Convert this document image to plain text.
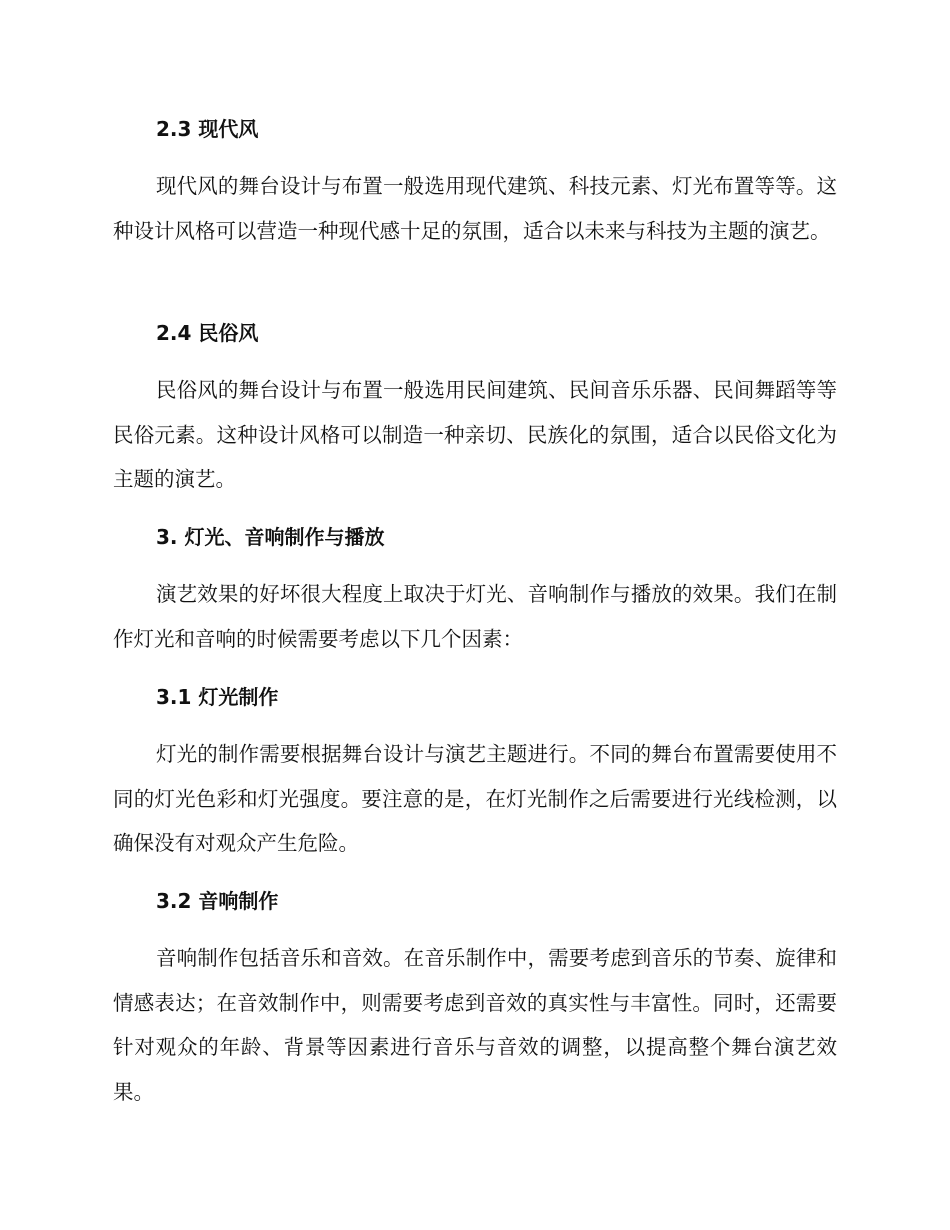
2.3 现代风

现代风的舞台设计与布置一般选用现代建筑、科技元素、灯光布置等等。这种设计风格可以营造一种现代感十足的氛围，适合以未来与科技为主题的演艺。

2.4 民俗风

民俗风的舞台设计与布置一般选用民间建筑、民间音乐乐器、民间舞蹈等等民俗元素。这种设计风格可以制造一种亲切、民族化的氛围，适合以民俗文化为主题的演艺。

3. 灯光、音响制作与播放

演艺效果的好坏很大程度上取决于灯光、音响制作与播放的效果。我们在制作灯光和音响的时候需要考虑以下几个因素：

3.1 灯光制作

灯光的制作需要根据舞台设计与演艺主题进行。不同的舞台布置需要使用不同的灯光色彩和灯光强度。要注意的是，在灯光制作之后需要进行光线检测，以确保没有对观众产生危险。

3.2 音响制作

音响制作包括音乐和音效。在音乐制作中，需要考虑到音乐的节奏、旋律和情感表达；在音效制作中，则需要考虑到音效的真实性与丰富性。同时，还需要针对观众的年龄、背景等因素进行音乐与音效的调整，以提高整个舞台演艺效果。
